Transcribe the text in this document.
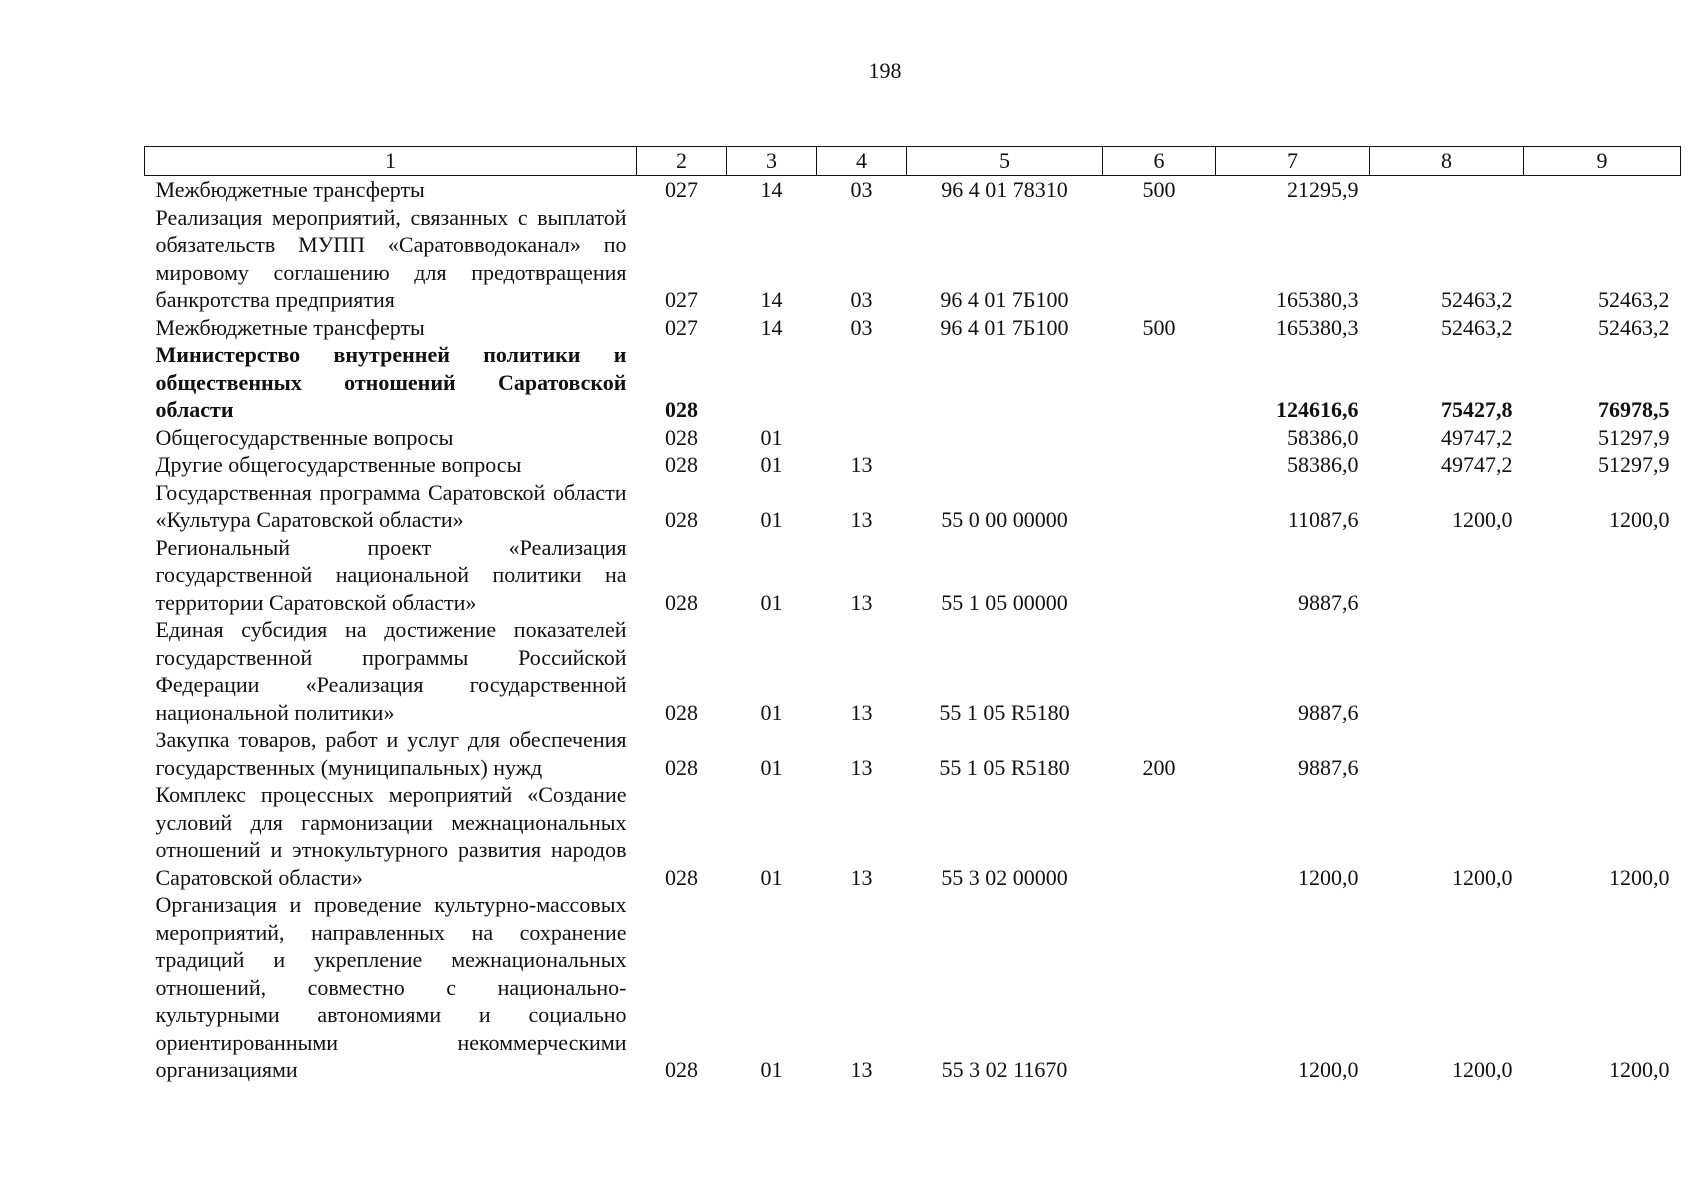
198
1	2	3	4	5	6	7	8	9
Межбюджетные трансферты	027	14	03	96 4 01 78310	500	21295,9		
Реализация мероприятий, связанных с выплатой обязательств МУПП «Саратовводоканал» по мировому соглашению для предотвращения банкротства предприятия	027	14	03	96 4 01 7Б100		165380,3	52463,2	52463,2
Межбюджетные трансферты	027	14	03	96 4 01 7Б100	500	165380,3	52463,2	52463,2
Министерство внутренней политики и общественных отношений Саратовской области	028					124616,6	75427,8	76978,5
Общегосударственные вопросы	028	01				58386,0	49747,2	51297,9
Другие общегосударственные вопросы	028	01	13			58386,0	49747,2	51297,9
Государственная программа Саратовской области «Культура Саратовской области»	028	01	13	55 0 00 00000		11087,6	1200,0	1200,0
Региональный проект «Реализация государственной национальной политики на территории Саратовской области»	028	01	13	55 1 05 00000		9887,6		
Единая субсидия на достижение показателей государственной программы Российской Федерации «Реализация государственной национальной политики»	028	01	13	55 1 05 R5180		9887,6		
Закупка товаров, работ и услуг для обеспечения государственных (муниципальных) нужд	028	01	13	55 1 05 R5180	200	9887,6		
Комплекс процессных мероприятий «Создание условий для гармонизации межнациональных отношений и этнокультурного развития народов Саратовской области»	028	01	13	55 3 02 00000		1200,0	1200,0	1200,0
Организация и проведение культурно-массовых мероприятий, направленных на сохранение традиций и укрепление межнациональных отношений, совместно с национально-культурными автономиями и социально ориентированными некоммерческими организациями	028	01	13	55 3 02 11670		1200,0	1200,0	1200,0
